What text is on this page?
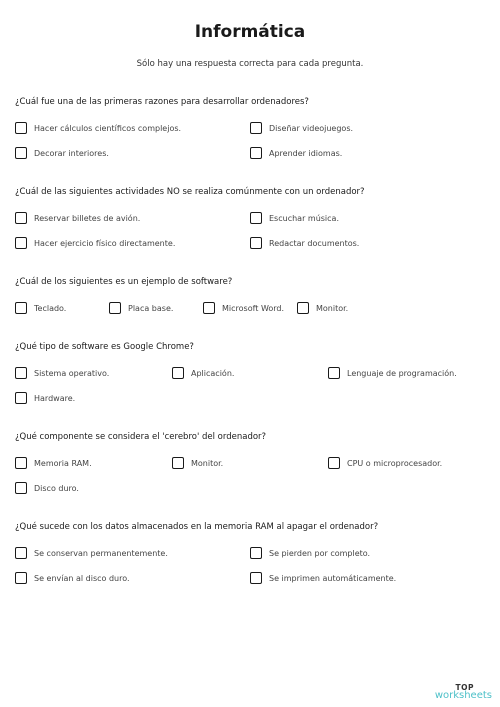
Informática
Sólo hay una respuesta correcta para cada pregunta.
¿Cuál fue una de las primeras razones para desarrollar ordenadores?
Hacer cálculos científicos complejos.	Diseñar videojuegos.
Decorar interiores.	Aprender idiomas.
¿Cuál de las siguientes actividades NO se realiza comúnmente con un ordenador?
Reservar billetes de avión.	Escuchar música.
Hacer ejercicio físico directamente.	Redactar documentos.
¿Cuál de los siguientes es un ejemplo de software?
Teclado.	Placa base.	Microsoft Word.	Monitor.
¿Qué tipo de software es Google Chrome?
Sistema operativo.	Aplicación.	Lenguaje de programación.
Hardware.
¿Qué componente se considera el 'cerebro' del ordenador?
Memoria RAM.	Monitor.	CPU o microprocesador.
Disco duro.
¿Qué sucede con los datos almacenados en la memoria RAM al apagar el ordenador?
Se conservan permanentemente.	Se pierden por completo.
Se envían al disco duro.	Se imprimen automáticamente.
TOP
worksheets
